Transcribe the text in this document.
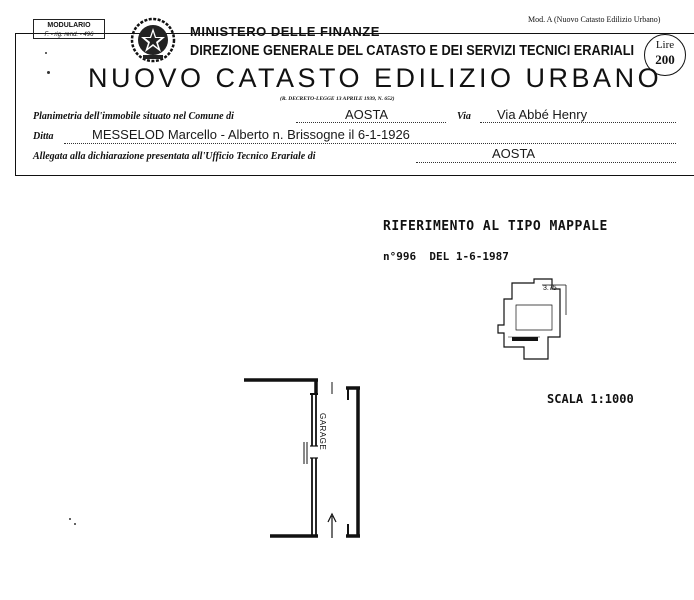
MODULARIO
F. - rig. rend. - 496	MINISTERO DELLE FINANZE
DIREZIONE GENERALE DEL CATASTO E DEI SERVIZI TECNICI ERARIALI
Mod. A (Nuovo Catasto Edilizio Urbano)
Lire
200
NUOVO CATASTO EDILIZIO URBANO
(R. DECRETO-LEGGE 13 APRILE 1939, N. 652)
Planimetria dell'immobile situato nel Comune di	AOSTA	Via Via Abbé Henry
Ditta	MESSELOD Marcello - Alberto n. Brissogne il 6-1-1926
Allegata alla dichiarazione presentata all'Ufficio Tecnico Erariale di	AOSTA
RIFERIMENTO AL TIPO MAPPALE
n°996  DEL 1-6-1987
3.75
SCALA 1:1000
GARAGE
